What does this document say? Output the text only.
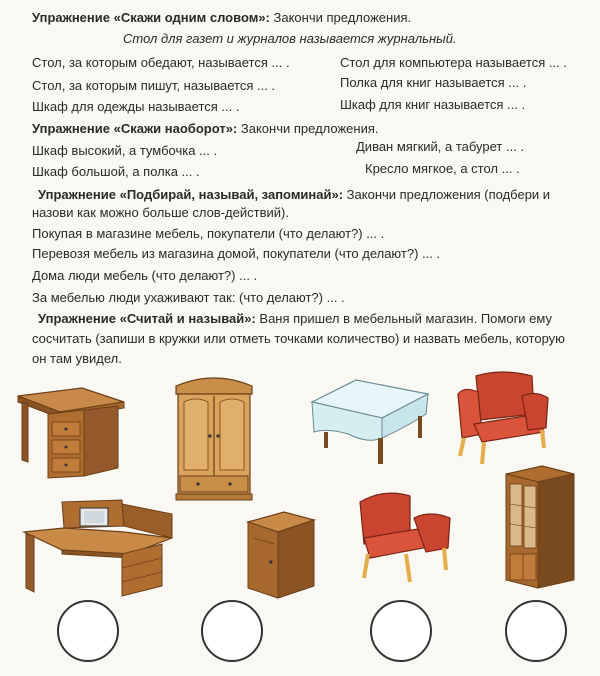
Упражнение «Скажи одним словом»: Закончи предложения.
Стол для газет и журналов называется журнальный.
Стол, за которым обедают, называется ... .
Стол, за которым пишут, называется ... .
Шкаф для одежды называется ... .
Стол для компьютера называется ... .
Полка для книг называется ... .
Шкаф для книг называется ... .
Упражнение «Скажи наоборот»: Закончи предложения.
Шкаф высокий, а тумбочка ... .
Шкаф большой, а полка ... .
Диван мягкий, а табурет ... .
Кресло мягкое, а стол ... .
Упражнение «Подбирай, называй, запоминай»: Закончи предложения (подбери и
назови как можно больше слов-действий).
Покупая в магазине мебель, покупатели (что делают?) ... .
Перевозя мебель из магазина домой, покупатели (что делают?) ... .
Дома люди мебель (что делают?) ... .
За мебелью люди ухаживают так: (что делают?) ... .
Упражнение «Считай и называй»: Ваня пришел в мебельный магазин. Помоги ему
сосчитать (запиши в кружки или отметь точками количество) и назвать мебель, которую
он там увидел.
